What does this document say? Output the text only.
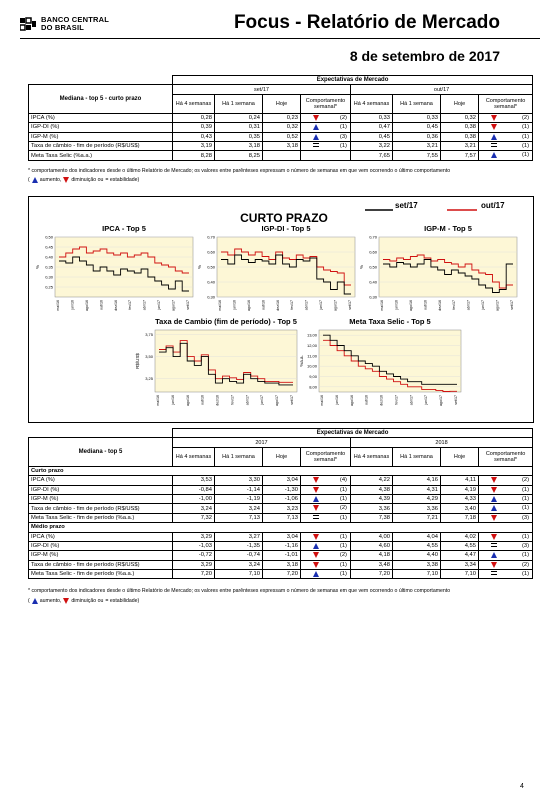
BANCO CENTRAL
DO BRASIL	Focus - Relatório de Mercado
8 de setembro de 2017
	Expectativas de Mercado							
Mediana - top 5 - curto prazo	set/17				out/17			
	Há 4 semanas	Há 1 semana	Hoje	Comportamento semanal*	Há 4 semanas	Há 1 semana	Hoje	Comportamento semanal*
IPCA (%)	0,28	0,24	0,23	(2)	0,33	0,33	0,32	(2)

IGP-DI (%)	0,39	0,31	0,32	(1)	0,47	0,45	0,38	(1)

IGP-M (%)	0,43	0,35	0,52	(3)	0,45	0,36	0,38	(1)

Taxa de câmbio - fim de período (R$/US$)	3,19	3,18	3,18	(1)	3,22	3,21	3,21	(1)

Meta Taxa Selic (%a.a.)	8,28	8,25			7,65	7,55	7,57	(1)
* comportamento dos indicadores desde o último Relatório de Mercado; os valores entre parênteses expressam o número de semanas em que vem ocorrendo o último comportamento
( aumento, diminuição ou = estabilidade)
CURTO PRAZO
set/17	out/17
IPCA - Top 5
%
0,50
0,45
0,40
0,35
0,30
0,25
mai/16	jun/16	ago/16	out/16	dez/16	fev/17	abr/17	jun/17	ago/17	set/17
IGP-DI - Top 5
%
0,70
0,60
0,50
0,40
0,30
mai/16	jun/16	ago/16	out/16	dez/16	fev/17	abr/17	jun/17	ago/17	set/17
IGP-M - Top 5
%
0,70
0,60
0,50
0,40
0,30
mai/16	jun/16	ago/16	out/16	dez/16	fev/17	abr/17	jun/17	ago/17	set/17
Taxa de Cambio (fim de período) - Top 5
R$/US$
3,75
3,50
3,25
mai/16	jun/16	ago/16	out/16	dez/16	fev/17	abr/17	jun/17	ago/17	set/17
Meta Taxa Selic - Top 5
%a.a.
13,00
12,00
11,00
10,00
9,00
8,00
mai/16	jun/16	ago/16	out/16	dez/16	fev/17	abr/17	jun/17	ago/17	set/17
	Expectativas de Mercado							
Mediana - top 5	2017				2018			
	Há 4 semanas	Há 1 semana	Hoje	Comportamento semanal*	Há 4 semanas	Há 1 semana	Hoje	Comportamento semanal*
Curto prazo								
IPCA (%)	3,53	3,30	3,04	(4)	4,22	4,16	4,11	(2)

IGP-DI (%)	-0,84	-1,14	-1,30	(1)	4,38	4,31	4,19	(1)

IGP-M (%)	-1,00	-1,19	-1,06	(1)	4,39	4,29	4,33	(1)

Taxa de câmbio - fim de período (R$/US$)	3,24	3,24	3,23	(2)	3,36	3,36	3,40	(1)

Meta Taxa Selic - fim de período (%a.a.)	7,32	7,13	7,13	(1)	7,38	7,21	7,18	(3)

Médio prazo								
IPCA (%)	3,29	3,27	3,04	(1)	4,00	4,04	4,02	(1)

IGP-DI (%)	-1,03	-1,35	-1,16	(1)	4,60	4,55	4,55	(3)

IGP-M (%)	-0,72	-0,74	-1,01	(2)	4,18	4,40	4,47	(1)

Taxa de câmbio - fim de período (R$/US$)	3,29	3,24	3,18	(1)	3,48	3,38	3,34	(2)

Meta Taxa Selic - fim de período (%a.a.)	7,20	7,10	7,20	(1)	7,20	7,10	7,10	(1)
* comportamento dos indicadores desde o último Relatório de Mercado; os valores entre parênteses expressam o número de semanas em que vem ocorrendo o último comportamento
( aumento, diminuição ou = estabilidade)
4
